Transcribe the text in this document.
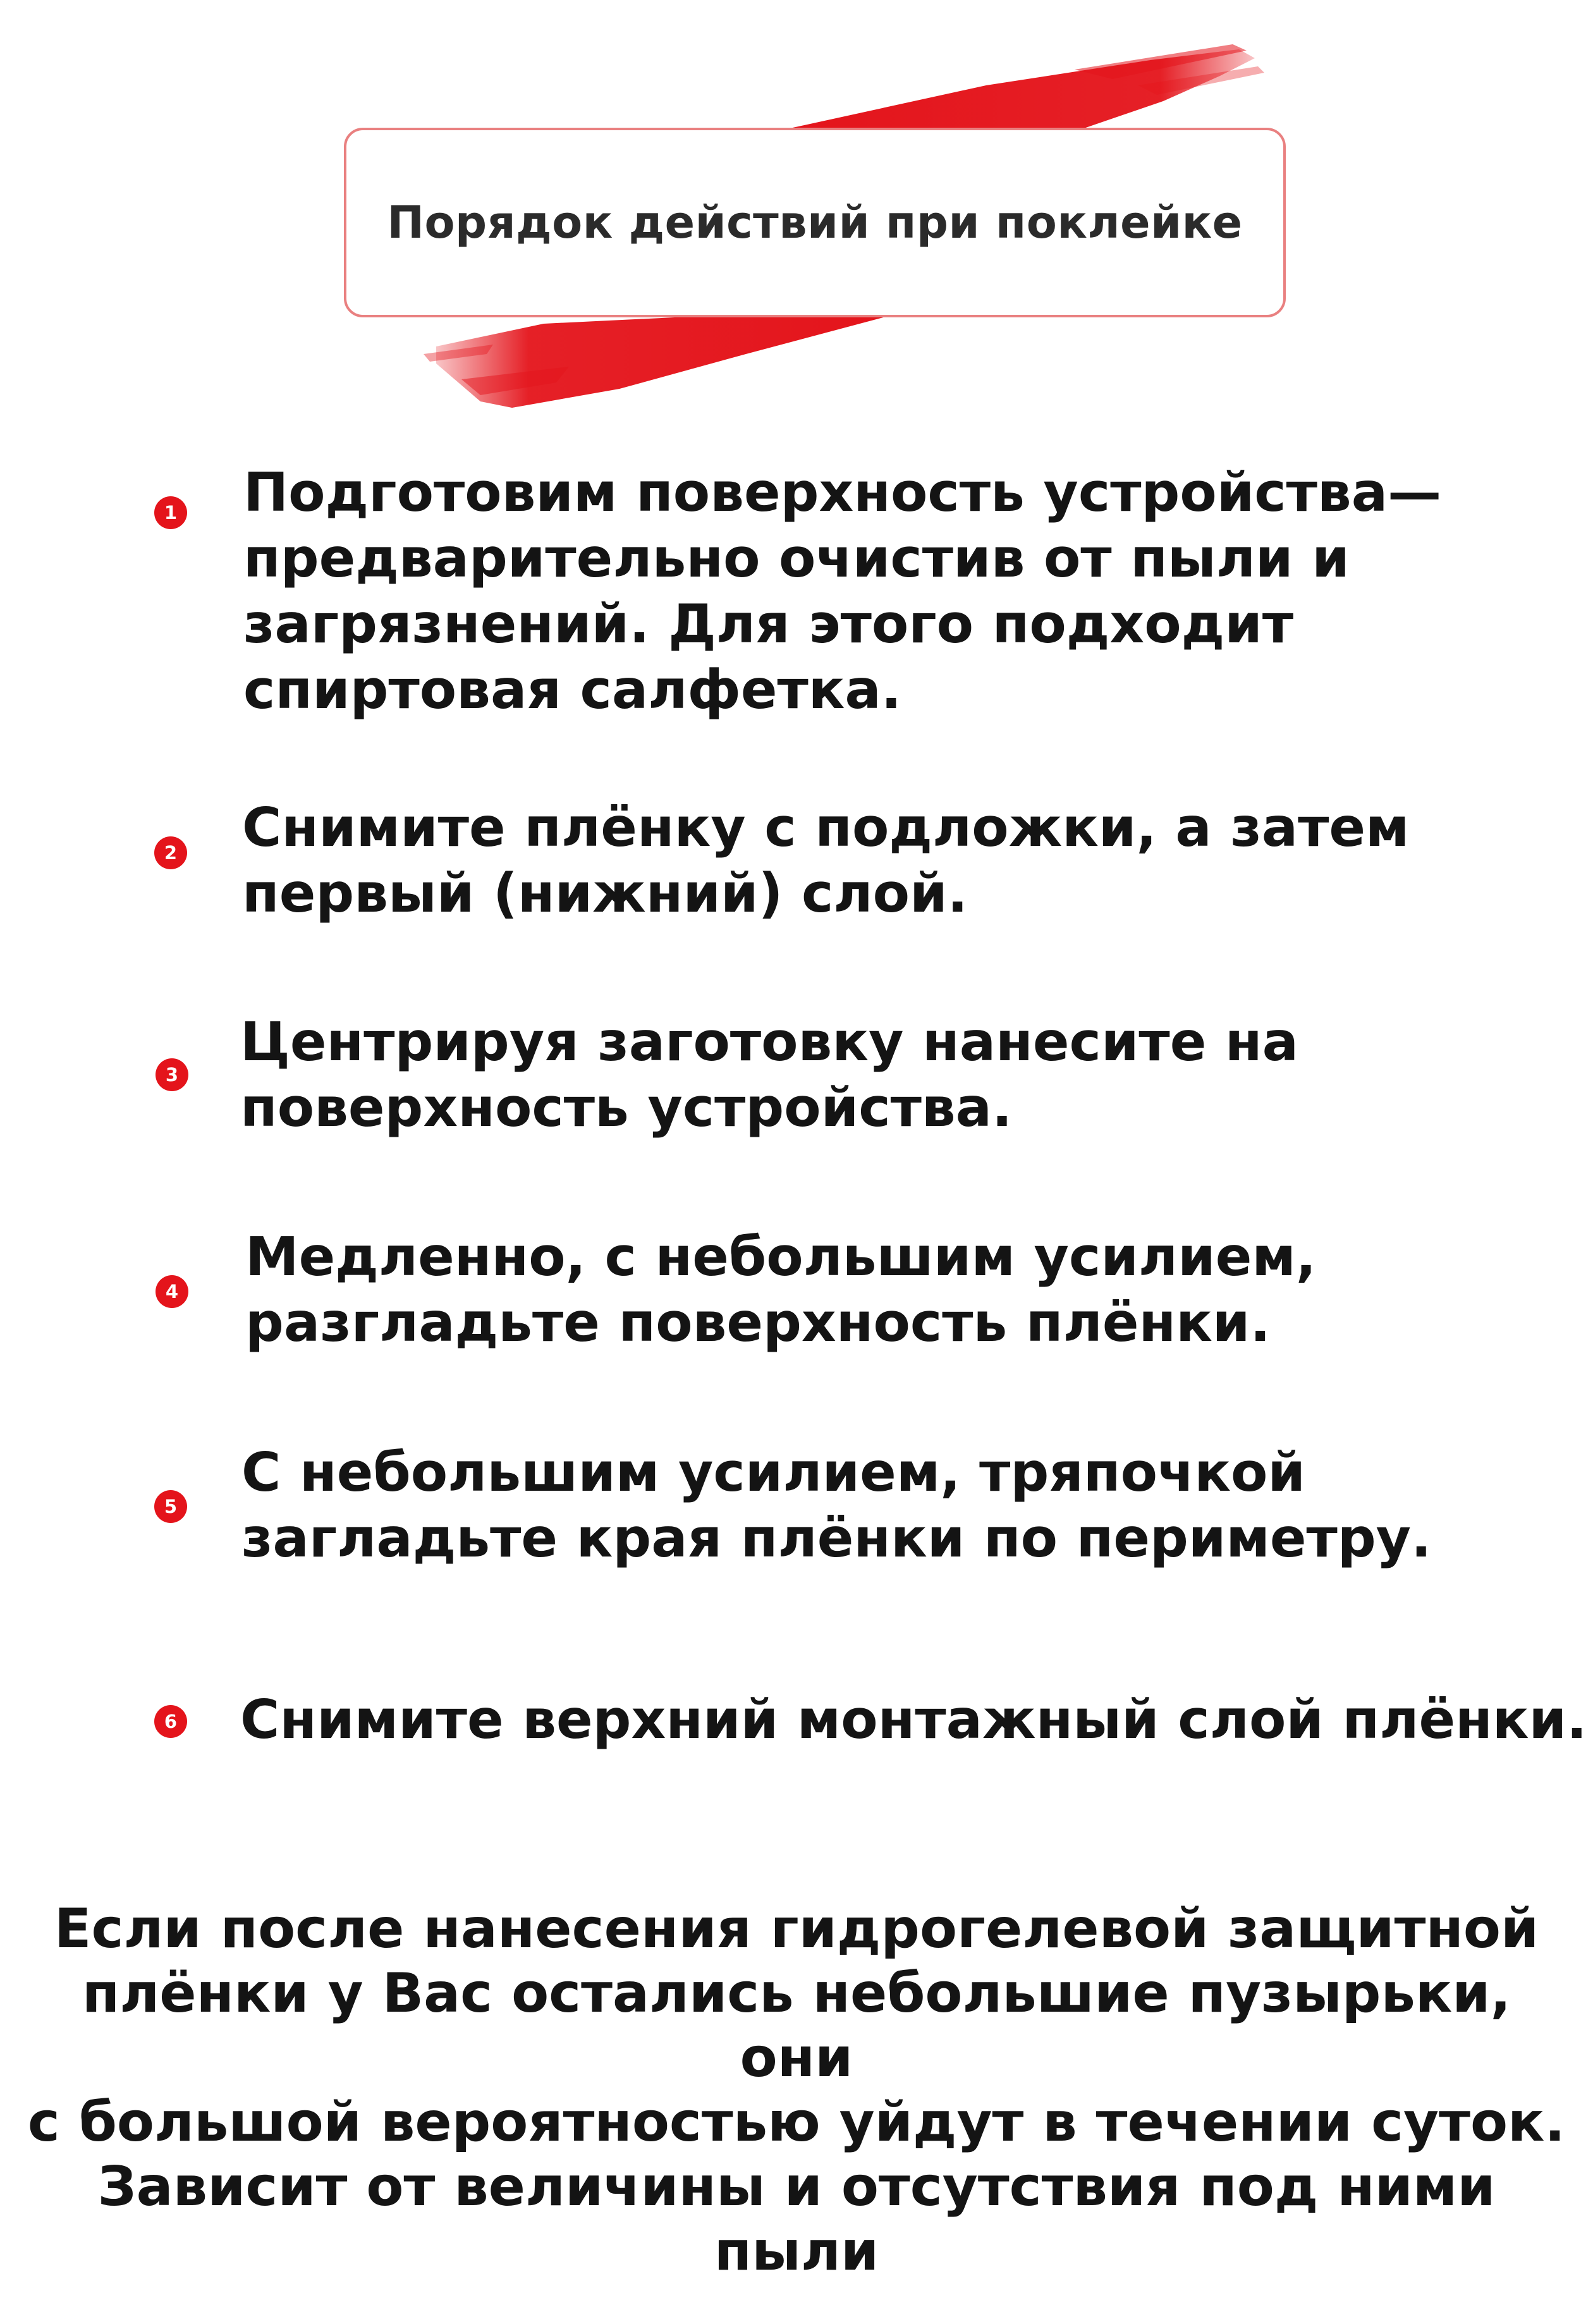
Порядок действий при поклейке
1 Подготовим поверхность устройства—
предварительно очистив от пыли и
загрязнений. Для этого подходит
спиртовая салфетка.

2 Снимите плёнку с подложки, а затем
первый (нижний) слой.

3

Центрируя заготовку нанесите на
поверхность устройства.

4

Медленно, с небольшим усилием,
разгладьте поверхность плёнки.

5

С небольшим усилием, тряпочкой
загладьте края плёнки по периметру.

6 Снимите верхний монтажный слой плёнки.

Если после нанесения гидрогелевой защитной
плёнки у Вас остались небольшие пузырьки, они
с большой вероятностью уйдут в течении суток.
Зависит от величины и отсутствия под ними пыли
